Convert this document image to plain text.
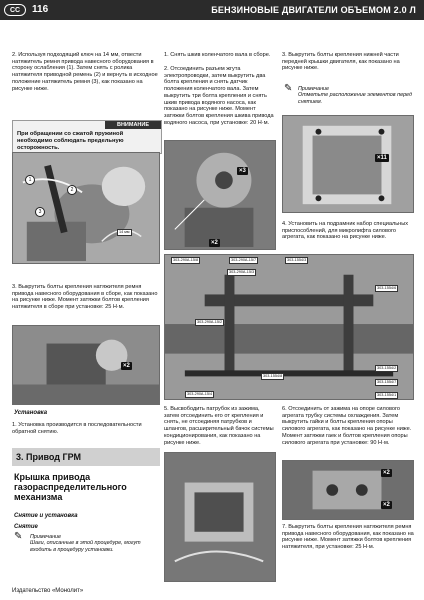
СС	116	БЕНЗИНОВЫЕ ДВИГАТЕЛИ ОБЪЕМОМ 2.0 Л
2. Используя подходящий ключ на 14 мм, отвести натяжитель ремня привода навесного оборудования в сторону ослабления (1). Затем снять с ролика натяжителя приводной ремень (2) и вернуть в исходное положение натяжитель ремня (3), как показано на рисунке ниже.
ВНИМАНИЕ
При обращении со сжатой пружиной необходимо соблюдать предельную осторожность.
1
2
3
14 мм
3. Выкрутить болты крепления натяжителя ремня привода навесного оборудования в сборе, как показано на рисунке ниже. Момент затяжки болтов крепления натяжителя в сборе при установке: 25 Н·м.
×2
Установка
1. Установка производится в последовательности обратной снятию.
3. Привод ГРМ
Крышка привода газораспределительного механизма
Снятие и установка
Снятие
✎ Примечание
Шаги, описанные в этой процедуре, могут входить в процедуру установки.
1. Снять шкив коленчатого вала в сборе.
2. Отсоединить разъем жгута электропроводки, затем выкрутить два болта крепления и снять датчик положения коленчатого вала. Затем выкрутить три болта крепления и снять шкив привода водяного насоса, как показано на рисунке ниже. Момент затяжки болтов крепления шкива привода водяного насоса, при установке: 20 Н·м.
×3
×2
3. Выкрутить болты крепления нижней части передней крышки двигателя, как показано на рисунке ниже.
✎ Примечание
Отметьте расположение элементов перед снятием.
×11
4. Установить на подрамник набор специальных приспособлений, для микролифта силового агрегата, как показано на рисунке ниже.
303-290A-15/8	303-290A-15/7
303-290A-15/3
303-1554/3
303-1554/6
303-290A-15/2
303-1554/8
303-1554/2
303-290A-15/4
303-1554/7
303-1554/1
5. Высвободить патрубок из зажима, затем отсоединить его от крепления и снять, не отсоединяя патрубков и шлангов, расширительный бачок системы кондиционирования, как показано на рисунке ниже.
6. Отсоединить от зажима на опоре силового агрегата трубку системы охлаждения. Затем выкрутить гайки и болты крепления опоры силового агрегата, как показано на рисунке ниже. Момент затяжки гаек и болтов крепления опоры силового агрегата при установке: 90 Н·м.
×2
×2
7. Выкрутить болты крепления натяжителя ремня привода навесного оборудования, как показано на рисунке ниже. Момент затяжки болтов крепления натяжителя, при установке: 25 Н·м.
Издательство «Монолит»
